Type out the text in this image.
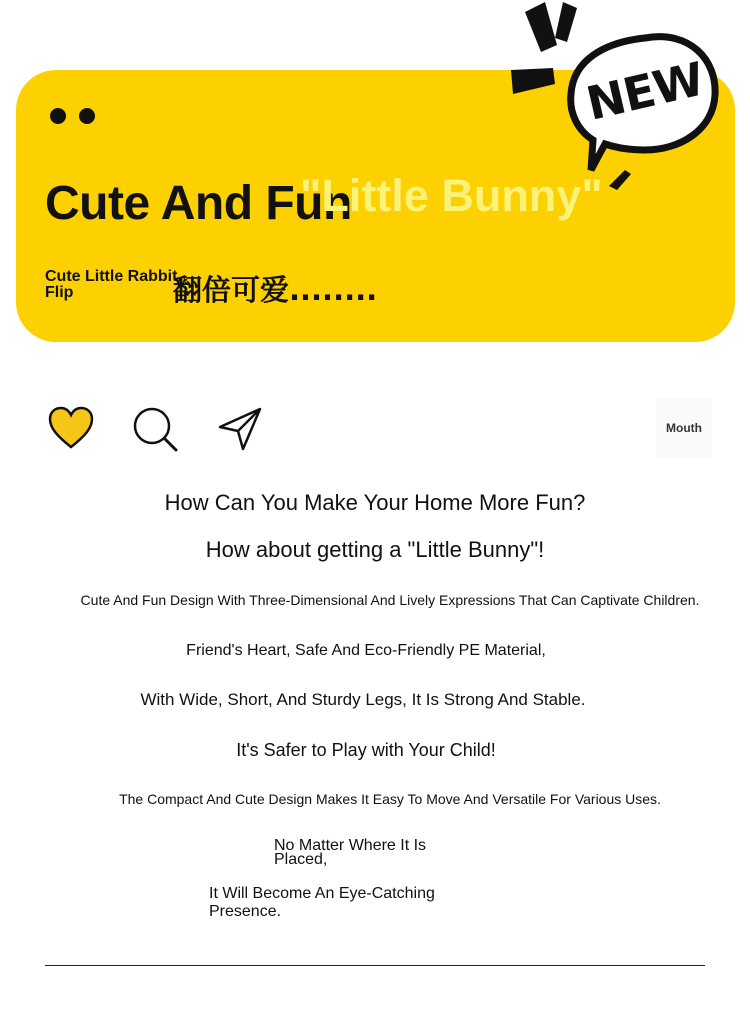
Cute And Fun
"Little Bunny"
Cute Little Rabbit, Flip	翻倍可爱........
NEW
Mouth

How Can You Make Your Home More Fun?

How about getting a "Little Bunny"!

Cute And Fun Design With Three-Dimensional And Lively Expressions That Can Captivate Children.

Friend's Heart, Safe And Eco-Friendly PE Material,

With Wide, Short, And Sturdy Legs, It Is Strong And Stable.

It's Safer to Play with Your Child!

The Compact And Cute Design Makes It Easy To Move And Versatile For Various Uses.

No Matter Where It Is Placed,

It Will Become An Eye-Catching Presence.
